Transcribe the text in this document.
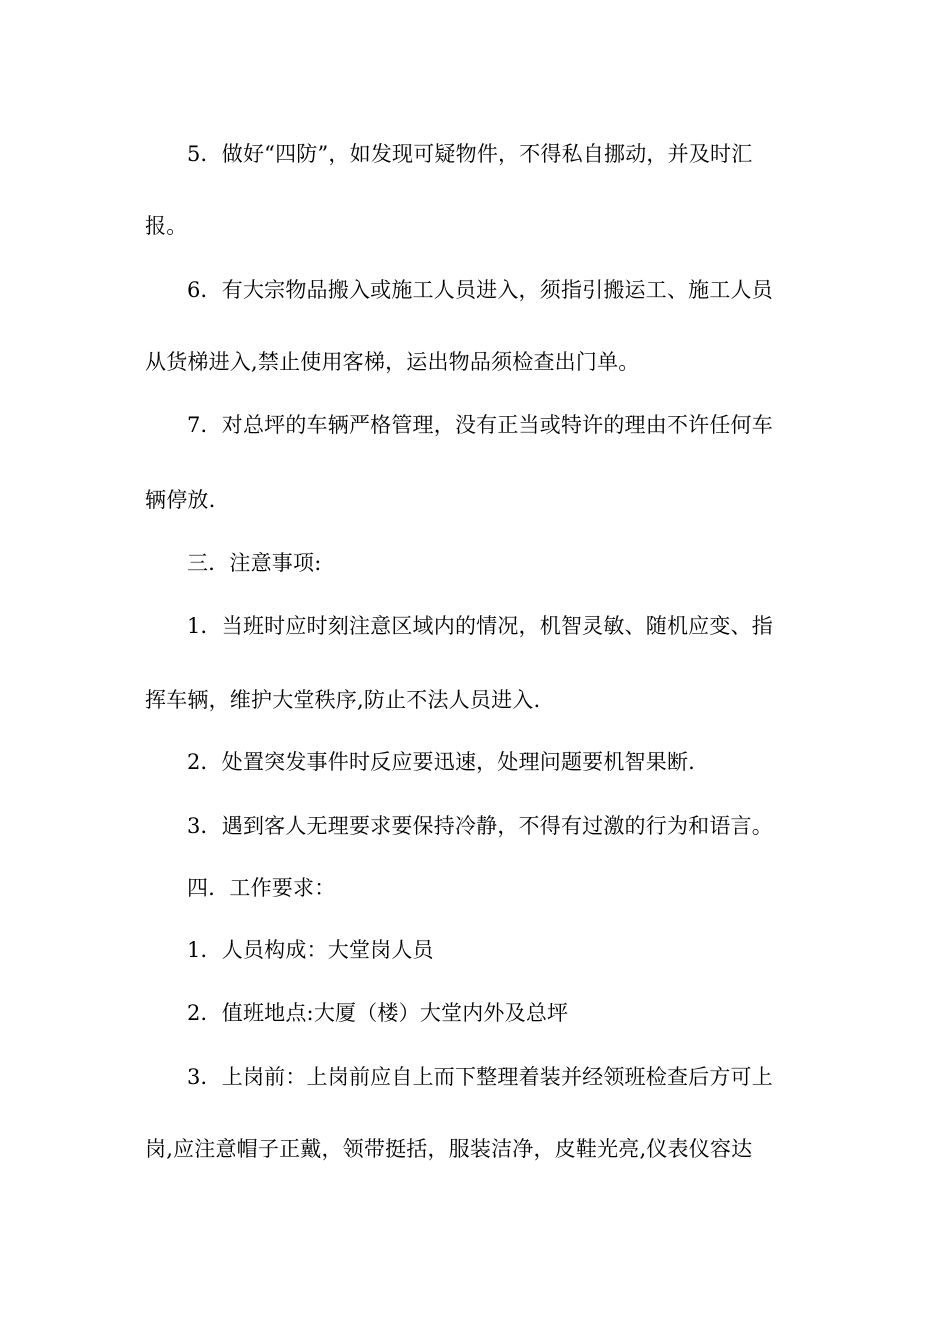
5．做好“四防”，如发现可疑物件，不得私自挪动，并及时汇
报。
6．有大宗物品搬入或施工人员进入，须指引搬运工、施工人员
从货梯进入,禁止使用客梯，运出物品须检查出门单。
7．对总坪的车辆严格管理，没有正当或特许的理由不许任何车
辆停放.
三．注意事项:
1．当班时应时刻注意区域内的情况，机智灵敏、随机应变、指
挥车辆，维护大堂秩序,防止不法人员进入.
2．处置突发事件时反应要迅速，处理问题要机智果断.
3．遇到客人无理要求要保持冷静，不得有过激的行为和语言。
四．工作要求：
1．人员构成：大堂岗人员
2．值班地点:大厦（楼）大堂内外及总坪
3．上岗前：上岗前应自上而下整理着装并经领班检查后方可上
岗,应注意帽子正戴，领带挺括，服装洁净，皮鞋光亮,仪表仪容达
